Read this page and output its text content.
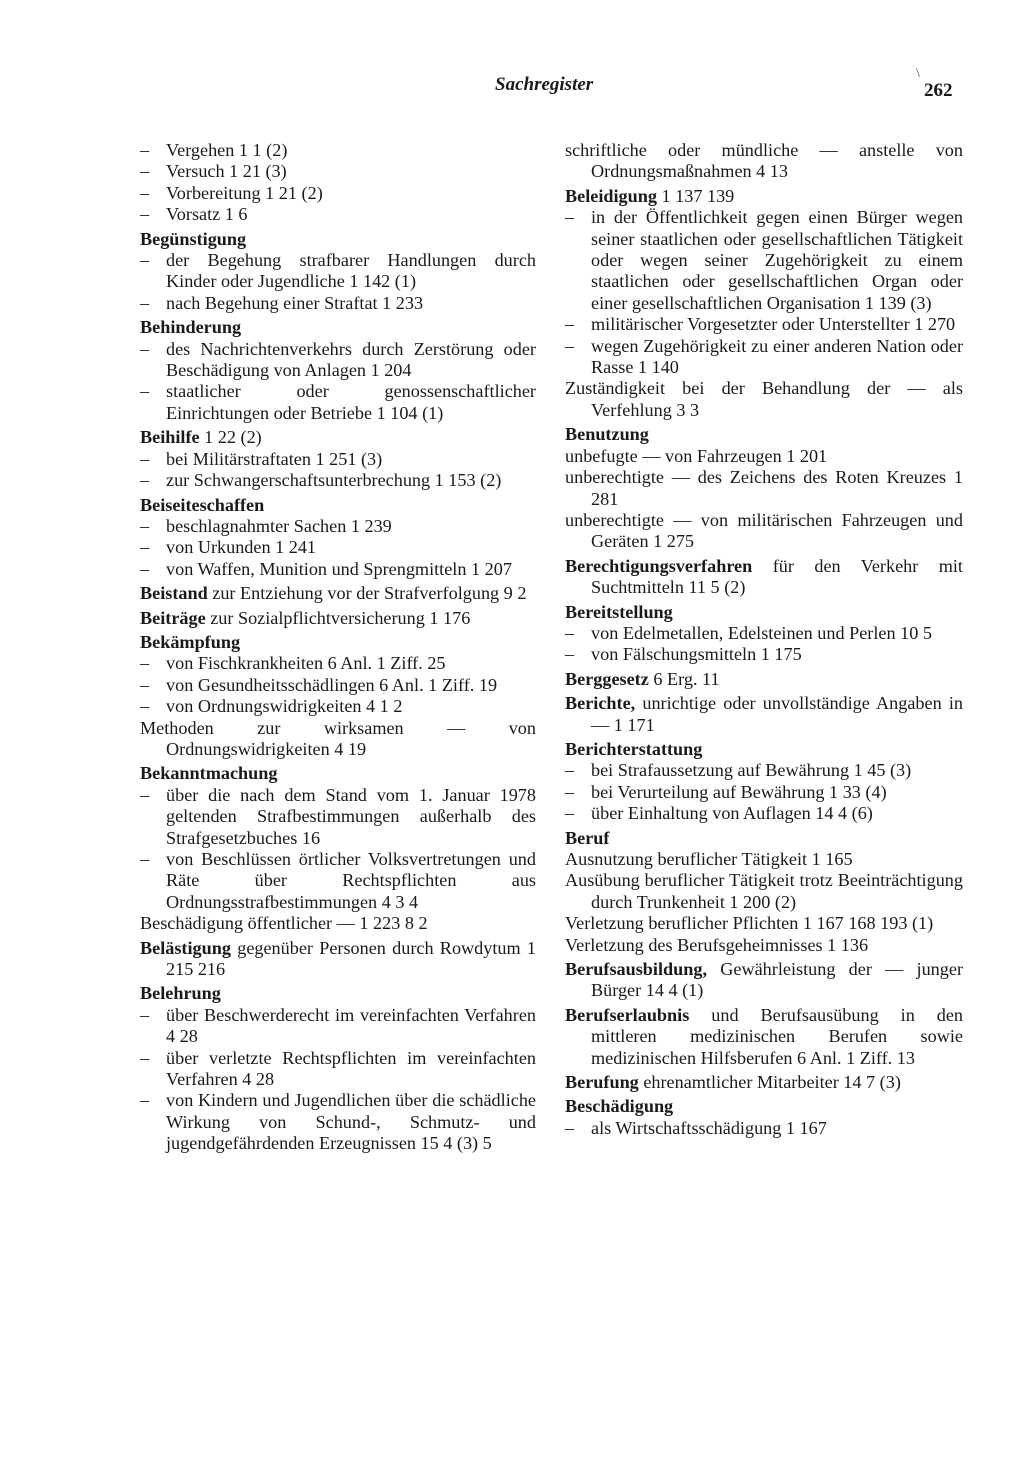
Sachregister	262
\
–  Vergehen 1 1 (2)
–  Versuch 1 21 (3)
–  Vorbereitung 1 21 (2)
–  Vorsatz 1 6
Begünstigung
–  der Begehung strafbarer Handlungen durch Kinder oder Jugendliche 1 142 (1)
–  nach Begehung einer Straftat 1 233
Behinderung
–  des Nachrichtenverkehrs durch Zerstörung oder Beschädigung von Anlagen 1 204
–  staatlicher oder genossenschaftlicher Einrichtungen oder Betriebe 1 104 (1)
Beihilfe 1 22 (2)
–  bei Militärstraftaten 1 251 (3)
–  zur Schwangerschaftsunterbrechung 1 153 (2)
Beiseiteschaffen
–  beschlagnahmter Sachen 1 239
–  von Urkunden 1 241
–  von Waffen, Munition und Sprengmitteln 1 207
Beistand zur Entziehung vor der Strafverfolgung 9 2
Beiträge zur Sozialpflichtversicherung 1 176
Bekämpfung
–  von Fischkrankheiten 6 Anl. 1 Ziff. 25
–  von Gesundheitsschädlingen 6 Anl. 1 Ziff. 19
–  von Ordnungswidrigkeiten 4 1 2
Methoden zur wirksamen — von Ordnungswidrigkeiten 4 19
Bekanntmachung
–  über die nach dem Stand vom 1. Januar 1978 geltenden Strafbestimmungen außerhalb des Strafgesetzbuches 16
–  von Beschlüssen örtlicher Volksvertretungen und Räte über Rechtspflichten aus Ordnungsstrafbestimmungen 4 3 4
Beschädigung öffentlicher — 1 223 8 2
Belästigung gegenüber Personen durch Rowdytum 1 215 216
Belehrung
–  über Beschwerderecht im vereinfachten Verfahren 4 28
–  über verletzte Rechtspflichten im vereinfachten Verfahren 4 28
–  von Kindern und Jugendlichen über die schädliche Wirkung von Schund-, Schmutz- und jugendgefährdenden Erzeugnissen 15 4 (3) 5
schriftliche oder mündliche — anstelle von Ordnungsmaßnahmen 4 13
Beleidigung 1 137 139
–  in der Öffentlichkeit gegen einen Bürger wegen seiner staatlichen oder gesellschaftlichen Tätigkeit oder wegen seiner Zugehörigkeit zu einem staatlichen oder gesellschaftlichen Organ oder einer gesellschaftlichen Organisation 1 139 (3)
–  militärischer Vorgesetzter oder Unterstellter 1 270
–  wegen Zugehörigkeit zu einer anderen Nation oder Rasse 1 140
Zuständigkeit bei der Behandlung der — als Verfehlung 3 3
Benutzung
unbefugte — von Fahrzeugen 1 201
unberechtigte — des Zeichens des Roten Kreuzes 1 281
unberechtigte — von militärischen Fahrzeugen und Geräten 1 275
Berechtigungsverfahren für den Verkehr mit Suchtmitteln 11 5 (2)
Bereitstellung
–  von Edelmetallen, Edelsteinen und Perlen 10 5
–  von Fälschungsmitteln 1 175
Berggesetz 6 Erg. 11
Berichte, unrichtige oder unvollständige Angaben in — 1 171
Berichterstattung
–  bei Strafaussetzung auf Bewährung 1 45 (3)
–  bei Verurteilung auf Bewährung 1 33 (4)
–  über Einhaltung von Auflagen 14 4 (6)
Beruf
Ausnutzung beruflicher Tätigkeit 1 165
Ausübung beruflicher Tätigkeit trotz Beeinträchtigung durch Trunkenheit 1 200 (2)
Verletzung beruflicher Pflichten 1 167 168 193 (1)
Verletzung des Berufsgeheimnisses 1 136
Berufsausbildung, Gewährleistung der — junger Bürger 14 4 (1)
Berufserlaubnis und Berufsausübung in den mittleren medizinischen Berufen sowie medizinischen Hilfsberufen 6 Anl. 1 Ziff. 13
Berufung ehrenamtlicher Mitarbeiter 14 7 (3)
Beschädigung
–  als Wirtschaftsschädigung 1 167
